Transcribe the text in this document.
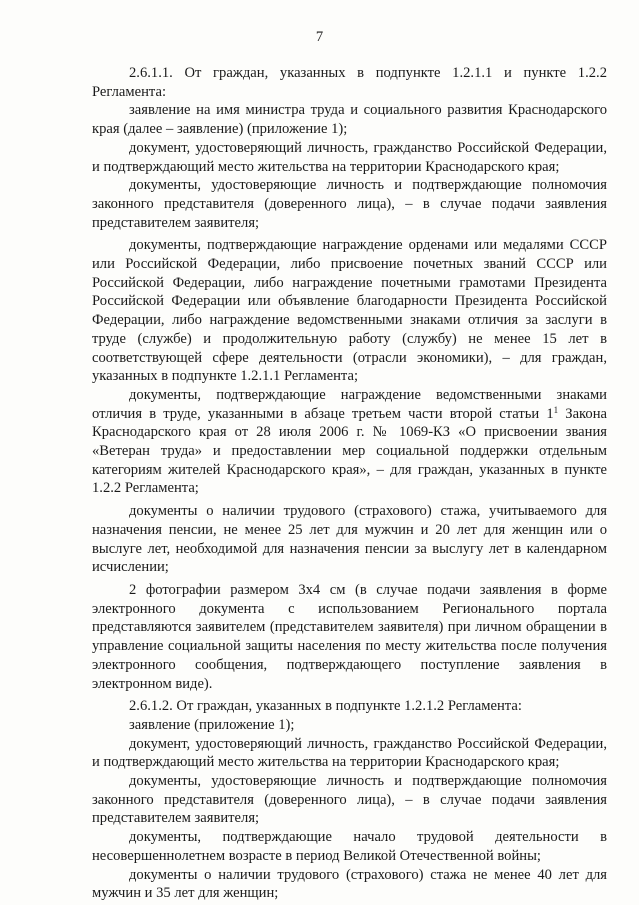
7

2.6.1.1. От граждан, указанных в подпункте 1.2.1.1 и пункте 1.2.2 Регламента:

заявление на имя министра труда и социального развития Краснодарского края (далее – заявление) (приложение 1);

документ, удостоверяющий личность, гражданство Российской Федерации, и подтверждающий место жительства на территории Краснодарского края;

документы, удостоверяющие личность и подтверждающие полномочия законного представителя (доверенного лица), – в случае подачи заявления представителем заявителя;

документы, подтверждающие награждение орденами или медалями СССР или Российской Федерации, либо присвоение почетных званий СССР или Российской Федерации, либо награждение почетными грамотами Президента Российской Федерации или объявление благодарности Президента Российской Федерации, либо награждение ведомственными знаками отличия за заслуги в труде (службе) и продолжительную работу (службу) не менее 15 лет в соответствующей сфере деятельности (отрасли экономики), – для граждан, указанных в подпункте 1.2.1.1 Регламента;

документы, подтверждающие награждение ведомственными знаками отличия в труде, указанными в абзаце третьем части второй статьи $1^1$ Закона Краснодарского края от 28 июля 2006 г. № 1069-КЗ «О присвоении звания «Ветеран труда» и предоставлении мер социальной поддержки отдельным категориям жителей Краснодарского края», – для граждан, указанных в пункте 1.2.2 Регламента;

документы о наличии трудового (страхового) стажа, учитываемого для назначения пенсии, не менее 25 лет для мужчин и 20 лет для женщин или о выслуге лет, необходимой для назначения пенсии за выслугу лет в календарном исчислении;

2 фотографии размером 3х4 см (в случае подачи заявления в форме электронного документа с использованием Регионального портала представляются заявителем (представителем заявителя) при личном обращении в управление социальной защиты населения по месту жительства после получения электронного сообщения, подтверждающего поступление заявления в электронном виде).

2.6.1.2. От граждан, указанных в подпункте 1.2.1.2 Регламента:

заявление (приложение 1);

документ, удостоверяющий личность, гражданство Российской Федерации, и подтверждающий место жительства на территории Краснодарского края;

документы, удостоверяющие личность и подтверждающие полномочия законного представителя (доверенного лица), – в случае подачи заявления представителем заявителя;

документы, подтверждающие начало трудовой деятельности в несовершеннолетнем возрасте в период Великой Отечественной войны;

документы о наличии трудового (страхового) стажа не менее 40 лет для мужчин и 35 лет для женщин;
